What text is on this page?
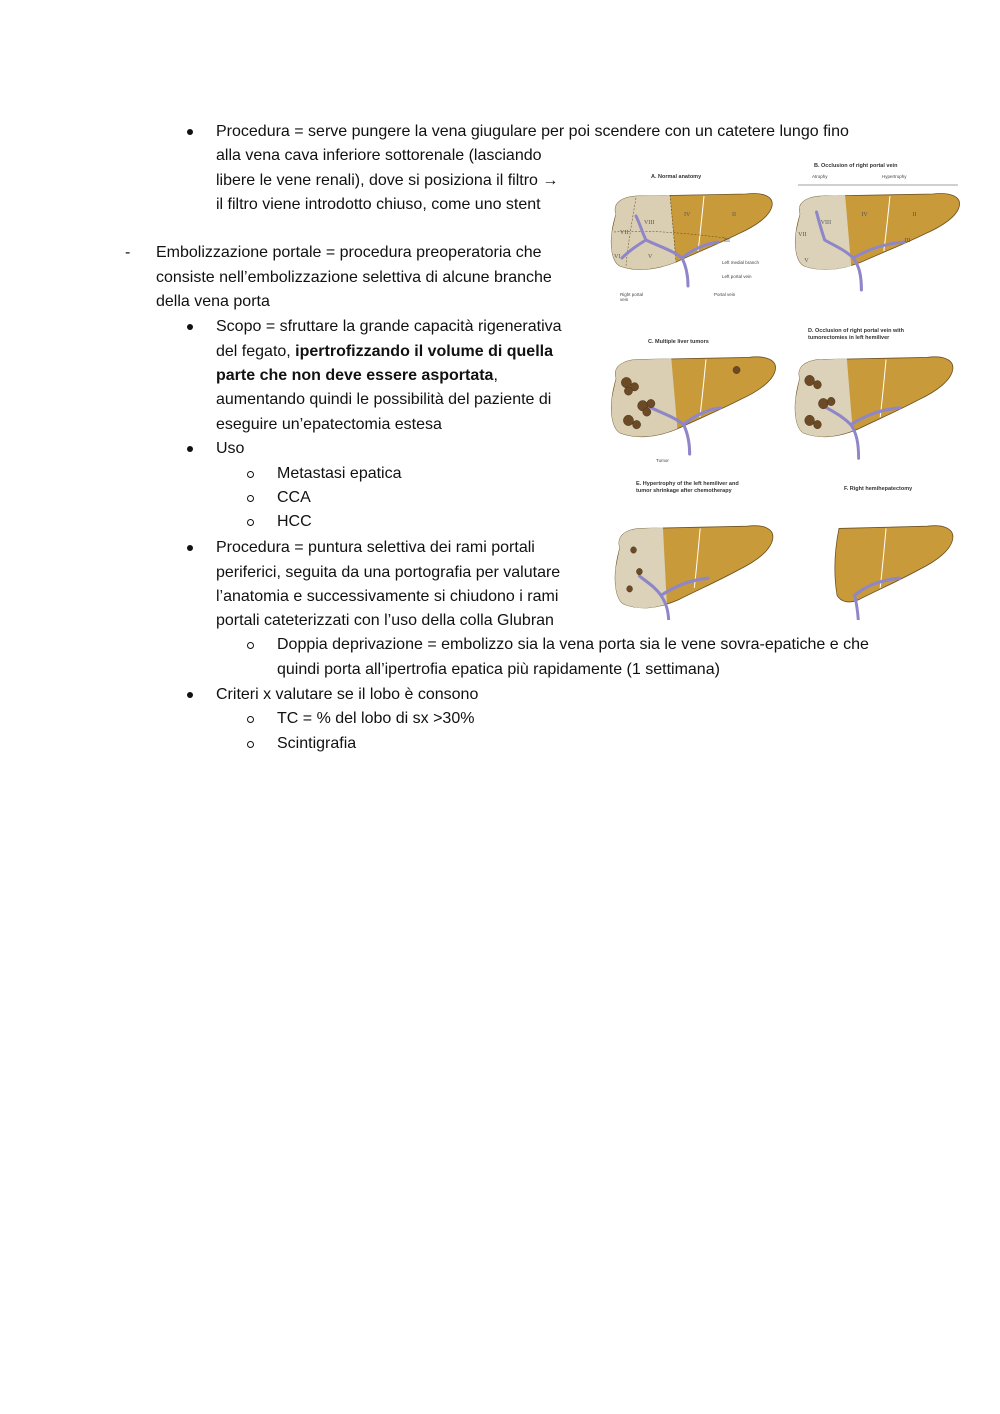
Procedura = serve pungere la vena giugulare per poi scendere con un catetere lungo fino
alla vena cava inferiore sottorenale (lasciando
libere le vene renali), dove si posiziona il filtro →
il filtro viene introdotto chiuso, come uno stent
- Embolizzazione portale = procedura preoperatoria che
consiste nell’embolizzazione selettiva di alcune branche
della vena porta
Scopo = sfruttare la grande capacità rigenerativa
del fegato, ipertrofizzando il volume di quella
parte che non deve essere asportata,
aumentando quindi le possibilità del paziente di
eseguire un’epatectomia estesa
Uso
Metastasi epatica
CCA
HCC
Procedura = puntura selettiva dei rami portali
periferici, seguita da una portografia per valutare
l’anatomia e successivamente si chiudono i rami
portali cateterizzati con l’uso della colla Glubran
Doppia deprivazione = embolizzo sia la vena porta sia le vene sovra-epatiche e che
quindi porta all’ipertrofia epatica più rapidamente (1 settimana)
Criteri x valutare se il lobo è consono
TC = % del lobo di sx >30%
Scintigrafia
A. Normal anatomy
VIII
VII
VI	V
IV
III
II
Left medial branch
Left portal vein
Right portal
vein
Portal vein
B. Occlusion of right portal vein
Atrophy	Hypertrophy
VIII
IV	II
III
VII
V
C. Multiple liver tumors
Tumor
D. Occlusion of right portal vein with
tumorectomies in left hemiliver
E. Hypertrophy of the left hemiliver and
tumor shrinkage after chemotherapy	F. Right hemihepatectomy
